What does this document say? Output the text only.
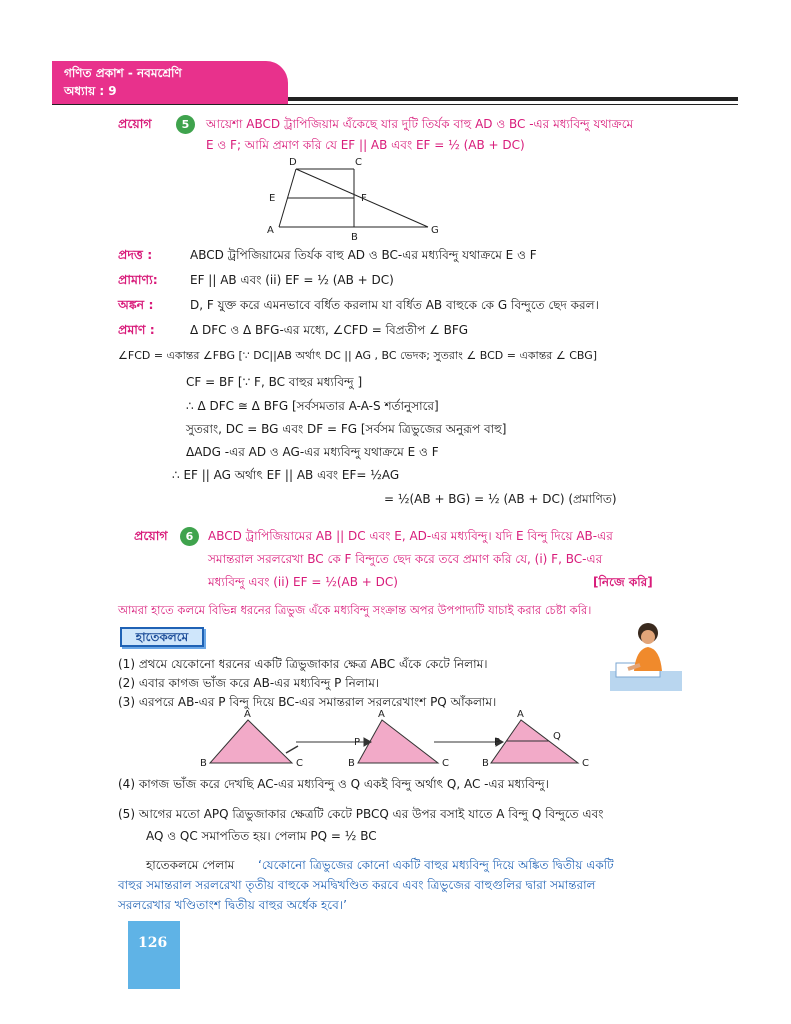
গণিত প্রকাশ - নবমশ্রেণি
অধ্যায় : 9
প্রয়োগ	5	আয়েশা ABCD ট্রাপিজিয়াম এঁকেছে যার দুটি তির্যক বাহু AD ও BC -এর মধ্যবিন্দু যথাক্রমে
E ও F; আমি প্রমাণ করি যে EF || AB এবং EF = ½ (AB + DC)
D	C
E	F
A
B
G
প্রদত্ত :	ABCD ট্রপিজিয়ামের তির্যক বাহু AD ও BC-এর মধ্যবিন্দু যথাক্রমে E ও F
প্রামাণ্য:	EF || AB এবং (ii) EF = ½ (AB + DC)
অঙ্কন :	D, F যুক্ত করে এমনভাবে বর্ধিত করলাম যা বর্ধিত AB বাহুকে কে G বিন্দুতে ছেদ করল।
প্রমাণ :	Δ DFC ও Δ BFG-এর মধ্যে, ∠CFD = বিপ্রতীপ ∠ BFG
∠FCD = একান্তর ∠FBG [∵ DC||AB অর্থাৎ DC || AG , BC ভেদক; সুতরাং ∠ BCD = একান্তর ∠ CBG]
CF = BF [∵ F, BC বাহুর মধ্যবিন্দু ]
∴ Δ DFC ≅ Δ BFG [সর্বসমতার A-A-S শর্তানুসারে]
সুতরাং, DC = BG এবং DF = FG [সর্বসম ত্রিভুজের অনুরূপ বাহু]
ΔADG -এর AD ও AG-এর মধ্যবিন্দু যথাক্রমে E ও F
∴ EF || AG অর্থাৎ EF || AB এবং EF= ½AG
= ½(AB + BG) = ½ (AB + DC) (প্রমাণিত)
প্রয়োগ	6	ABCD ট্রাপিজিয়ামের AB || DC এবং E, AD-এর মধ্যবিন্দু। যদি E বিন্দু দিয়ে AB-এর
সমান্তরাল সরলরেখা BC কে F বিন্দুতে ছেদ করে তবে প্রমাণ করি যে, (i) F, BC-এর
মধ্যবিন্দু এবং (ii) EF = ½(AB + DC)	[নিজে করি]
আমরা হাতে কলমে বিভিন্ন ধরনের ত্রিভুজ এঁকে মধ্যবিন্দু সংক্রান্ত অপর উপপাদ্যটি যাচাই করার চেষ্টা করি।
হাতেকলমে
(1) প্রথমে যেকোনো ধরনের একটি ত্রিভুজাকার ক্ষেত্র ABC এঁকে কেটে নিলাম।
(2) এবার কাগজ ভাঁজ করে AB-এর মধ্যবিন্দু P নিলাম।
(3) এরপরে AB-এর P বিন্দু দিয়ে BC-এর সমান্তরাল সরলরেখাংশ PQ আঁকলাম।
A
B	C
A
P
B	C
A
P
Q
B	C
(4) কাগজ ভাঁজ করে দেখছি AC-এর মধ্যবিন্দু ও Q একই বিন্দু অর্থাৎ Q, AC -এর মধ্যবিন্দু।
(5) আগের মতো APQ ত্রিভুজাকার ক্ষেত্রটি কেটে PBCQ এর উপর বসাই যাতে A বিন্দু Q বিন্দুতে এবং
AQ ও QC সমাপতিত হয়। পেলাম PQ = ½ BC
হাতেকলমে পেলাম ‘যেকোনো ত্রিভুজের কোনো একটি বাহুর মধ্যবিন্দু দিয়ে অঙ্কিত দ্বিতীয় একটি
বাহুর সমান্তরাল সরলরেখা তৃতীয় বাহুকে সমদ্বিখণ্ডিত করবে এবং ত্রিভুজের বাহুগুলির দ্বারা সমান্তরাল
সরলরেখার খণ্ডিতাংশ দ্বিতীয় বাহুর অর্ধেক হবে।’
126
